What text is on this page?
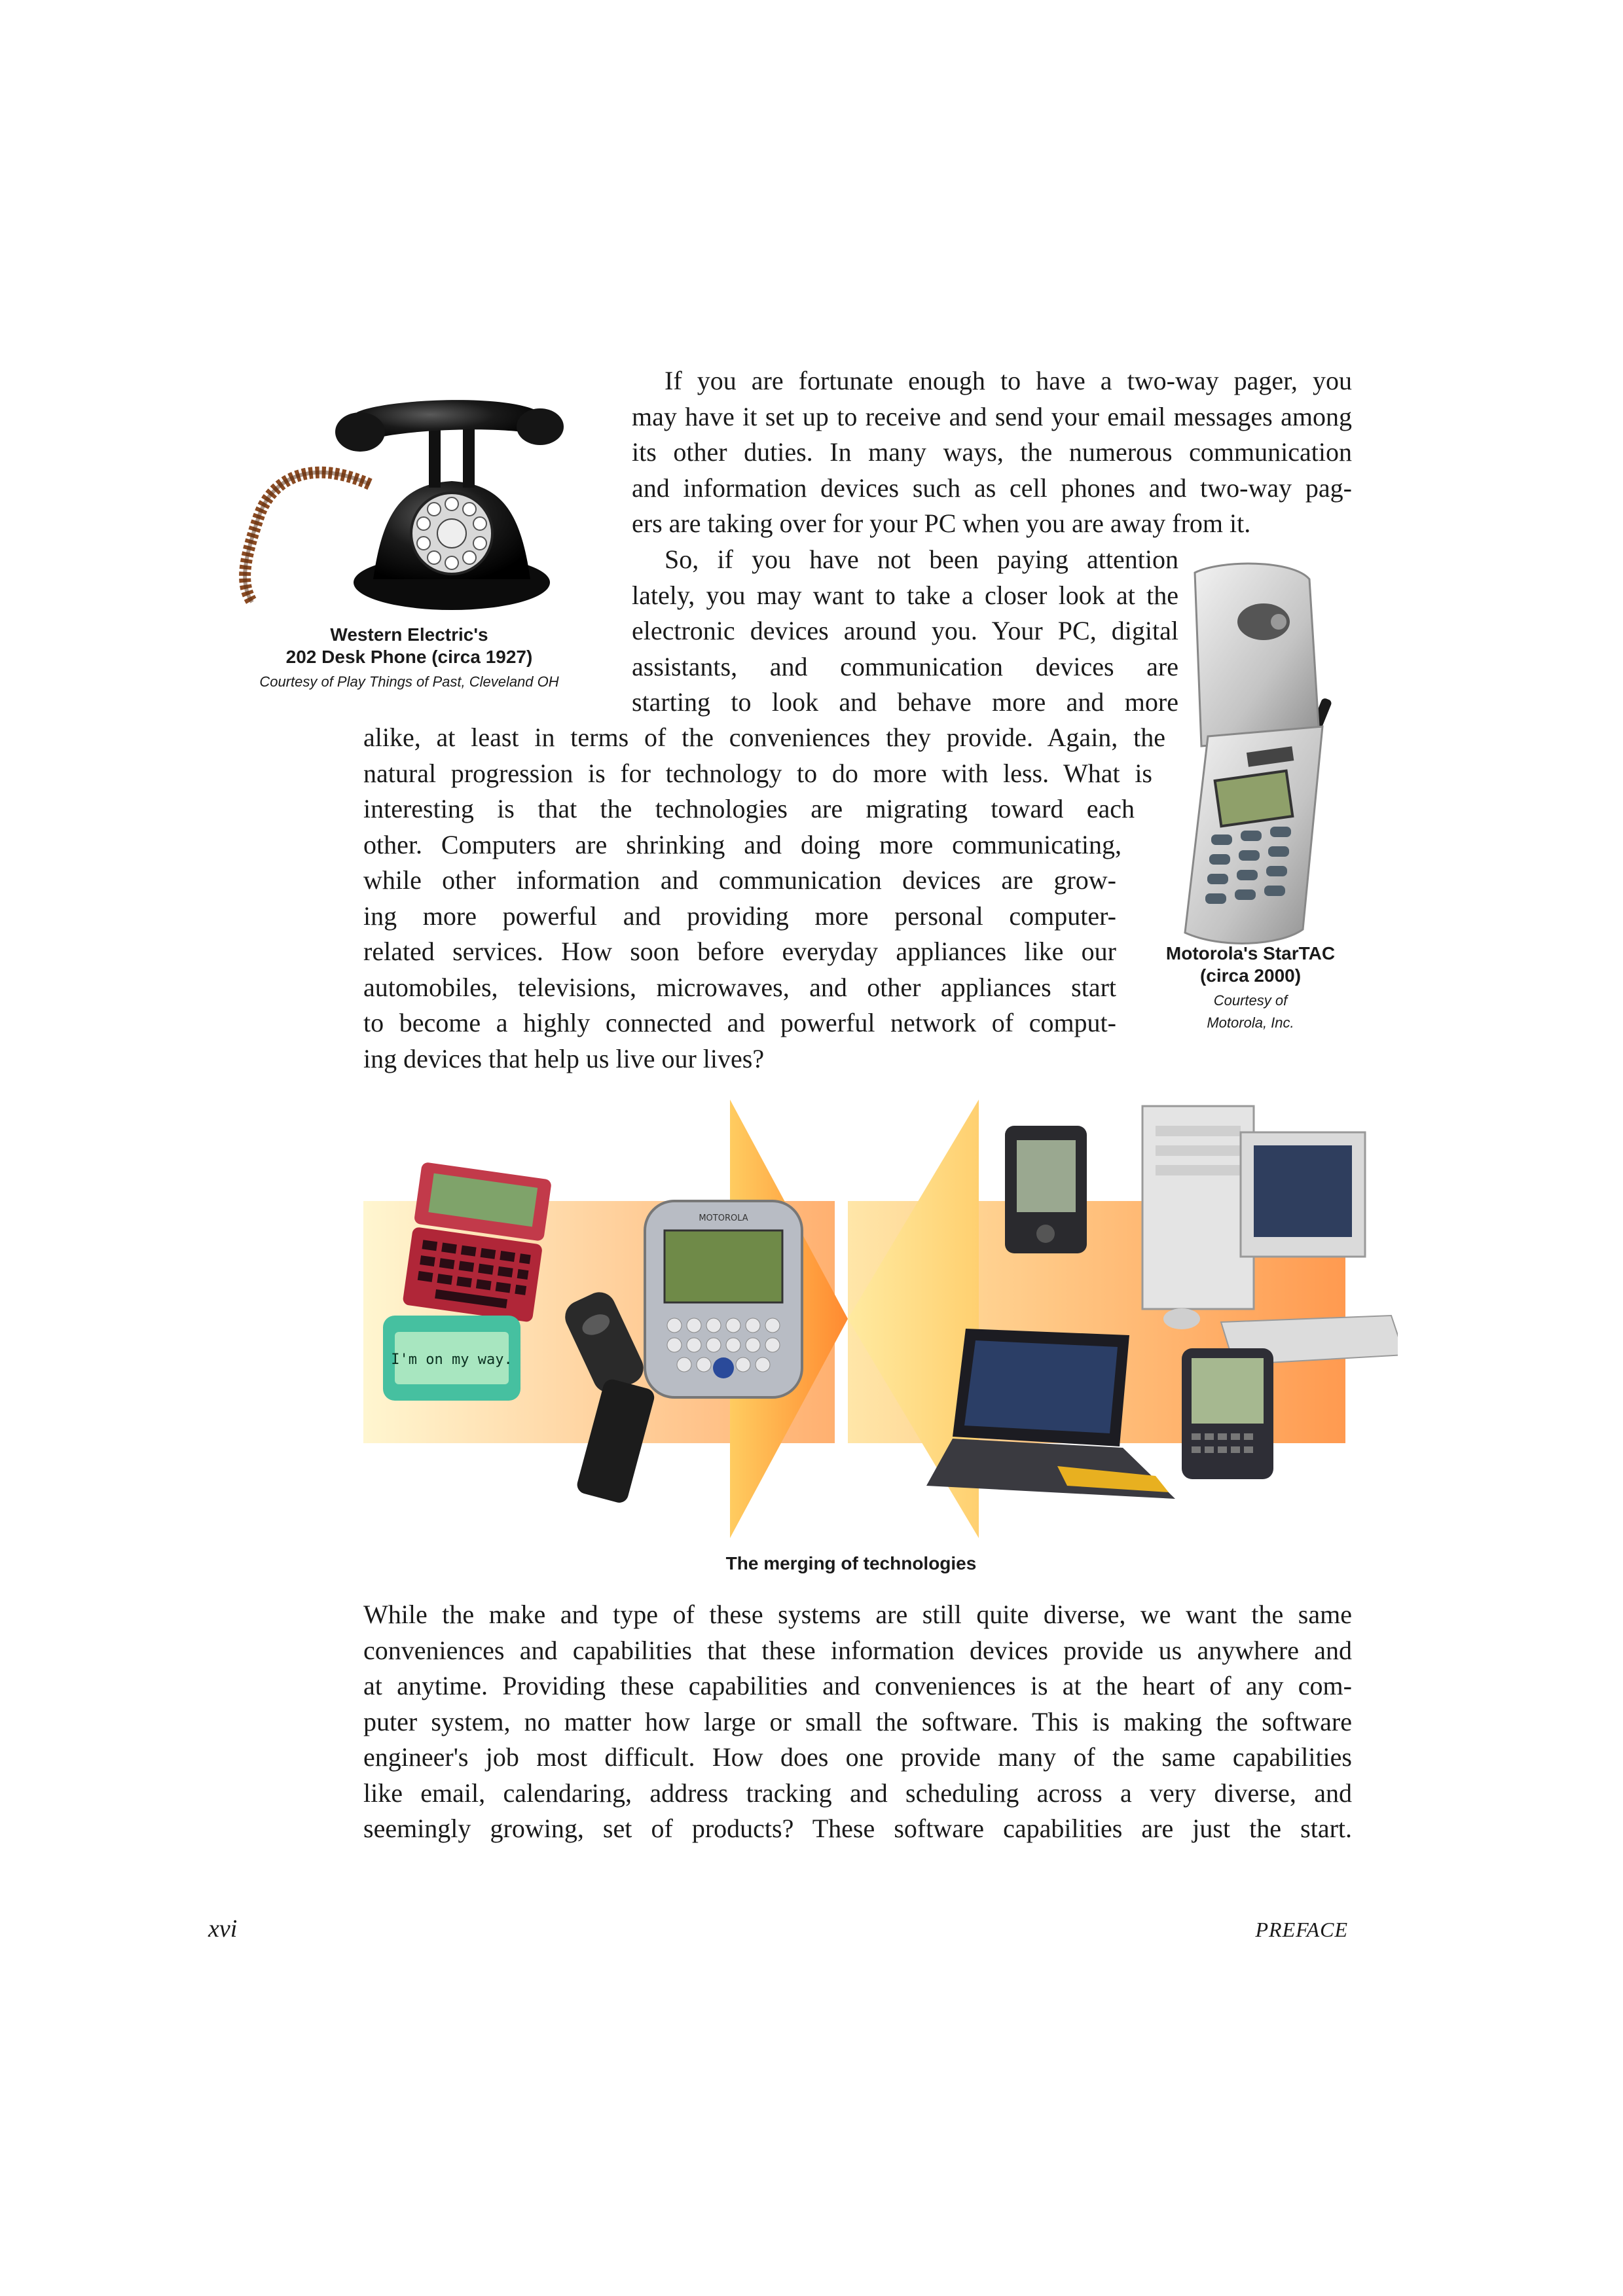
Western Electric's
202 Desk Phone (circa 1927)
Courtesy of Play Things of Past, Cleveland OH
Motorola's StarTAC
(circa 2000)
Courtesy of
Motorola, Inc.
If you are fortunate enough to have a two-way pager, you
may have it set up to receive and send your email messages among
its other duties. In many ways, the numerous communication
and information devices such as cell phones and two-way pag-
ers are taking over for your PC when you are away from it.
So, if you have not been paying attention
lately, you may want to take a closer look at the
electronic devices around you. Your PC, digital
assistants, and communication devices are
starting to look and behave more and more
alike, at least in terms of the conveniences they provide. Again, the
natural progression is for technology to do more with less. What is
interesting is that the technologies are migrating toward each
other. Computers are shrinking and doing more communicating,
while other information and communication devices are grow-
ing more powerful and providing more personal computer-
related services. How soon before everyday appliances like our
automobiles, televisions, microwaves, and other appliances start
to become a highly connected and powerful network of comput-
ing devices that help us live our lives?
I'm on my way.
MOTOROLA
The merging of technologies
While the make and type of these systems are still quite diverse, we want the same
conveniences and capabilities that these information devices provide us anywhere and
at anytime. Providing these capabilities and conveniences is at the heart of any com-
puter system, no matter how large or small the software. This is making the software
engineer's job most difficult. How does one provide many of the same capabilities
like email, calendaring, address tracking and scheduling across a very diverse, and
seemingly growing, set of products? These software capabilities are just the start.
xvi	PREFACE
